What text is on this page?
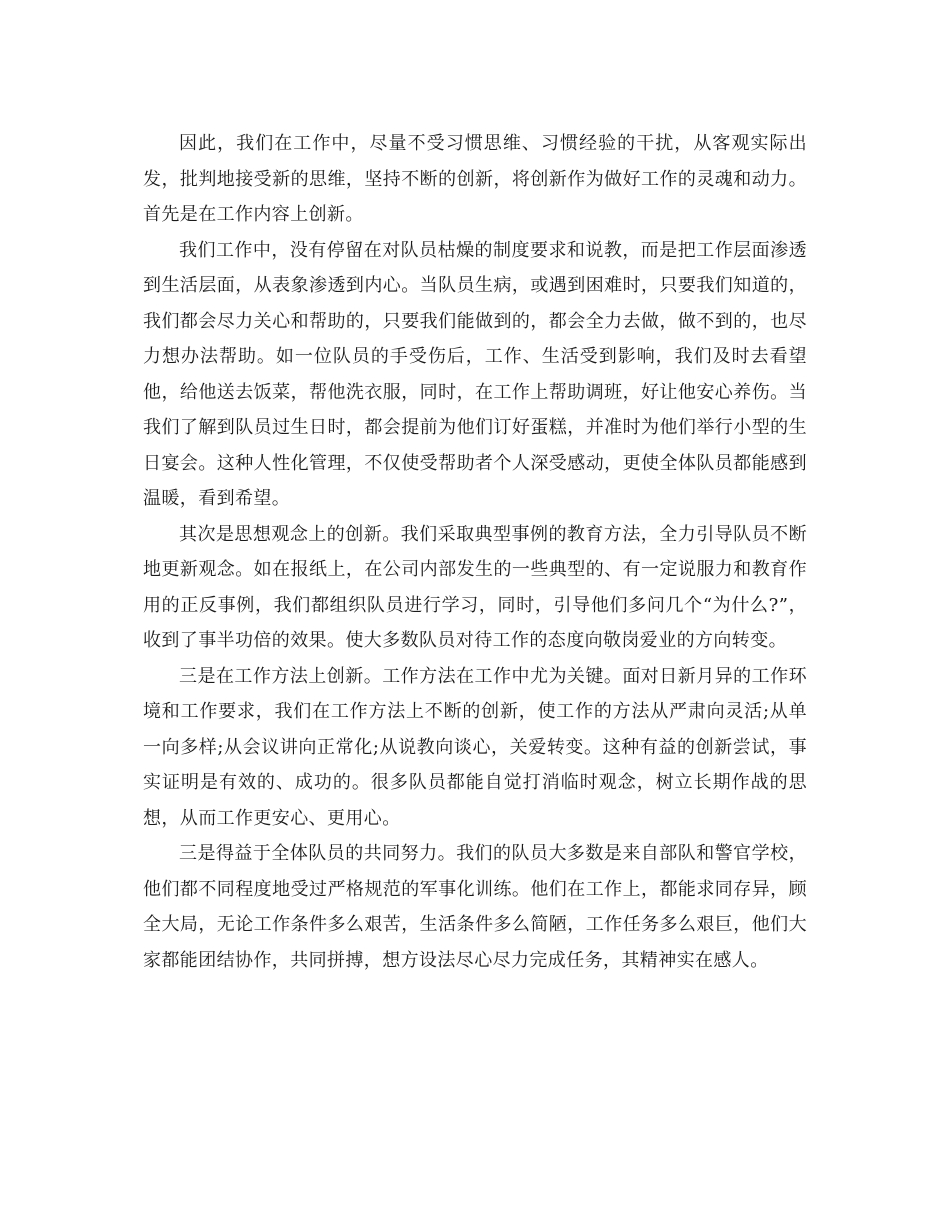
因此，我们在工作中，尽量不受习惯思维、习惯经验的干扰，从客观实际出发，批判地接受新的思维，坚持不断的创新，将创新作为做好工作的灵魂和动力。首先是在工作内容上创新。

我们工作中，没有停留在对队员枯燥的制度要求和说教，而是把工作层面渗透到生活层面，从表象渗透到内心。当队员生病，或遇到困难时，只要我们知道的，我们都会尽力关心和帮助的，只要我们能做到的，都会全力去做，做不到的，也尽力想办法帮助。如一位队员的手受伤后，工作、生活受到影响，我们及时去看望他，给他送去饭菜，帮他洗衣服，同时，在工作上帮助调班，好让他安心养伤。当我们了解到队员过生日时，都会提前为他们订好蛋糕，并准时为他们举行小型的生日宴会。这种人性化管理，不仅使受帮助者个人深受感动，更使全体队员都能感到温暖，看到希望。

其次是思想观念上的创新。我们采取典型事例的教育方法，全力引导队员不断地更新观念。如在报纸上，在公司内部发生的一些典型的、有一定说服力和教育作用的正反事例，我们都组织队员进行学习，同时，引导他们多问几个“为什么?”，收到了事半功倍的效果。使大多数队员对待工作的态度向敬岗爱业的方向转变。

三是在工作方法上创新。工作方法在工作中尤为关键。面对日新月异的工作环境和工作要求，我们在工作方法上不断的创新，使工作的方法从严肃向灵活;从单一向多样;从会议讲向正常化;从说教向谈心，关爱转变。这种有益的创新尝试，事实证明是有效的、成功的。很多队员都能自觉打消临时观念，树立长期作战的思想，从而工作更安心、更用心。

三是得益于全体队员的共同努力。我们的队员大多数是来自部队和警官学校，他们都不同程度地受过严格规范的军事化训练。他们在工作上，都能求同存异，顾全大局，无论工作条件多么艰苦，生活条件多么简陋，工作任务多么艰巨，他们大家都能团结协作，共同拼搏，想方设法尽心尽力完成任务，其精神实在感人。
